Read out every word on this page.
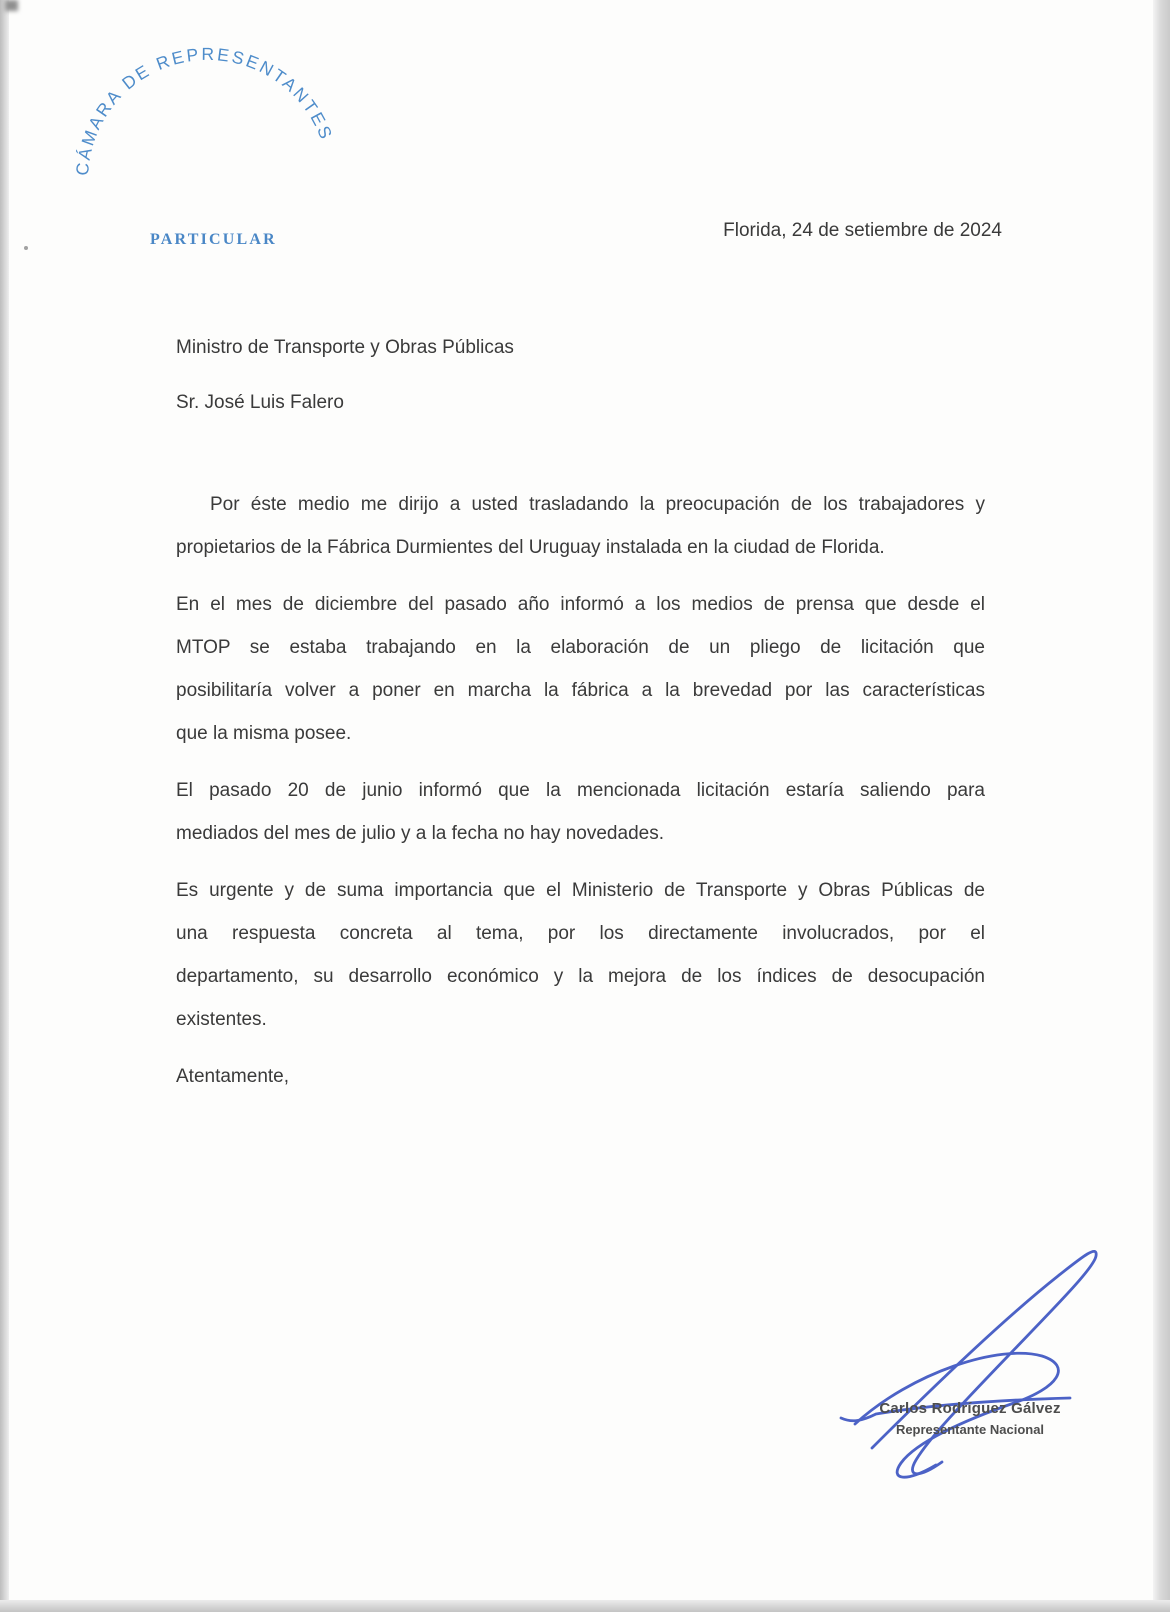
CÁMARA DE REPRESENTANTES
PARTICULAR	Florida, 24 de setiembre de 2024
Ministro de Transporte y Obras Públicas
Sr. José Luis Falero
Por éste medio me dirijo a usted trasladando la preocupación de los trabajadores y
propietarios de la Fábrica Durmientes del Uruguay instalada en la ciudad de Florida.
En el mes de diciembre del pasado año informó a los medios de prensa que desde el
MTOP se estaba trabajando en la elaboración de un pliego de licitación que
posibilitaría volver a poner en marcha la fábrica a la brevedad por las características
que la misma posee.
El pasado 20 de junio informó que la mencionada licitación estaría saliendo para
mediados del mes de julio y a la fecha no hay novedades.
Es urgente y de suma importancia que el Ministerio de Transporte y Obras Públicas de
una respuesta concreta al tema, por los directamente involucrados, por el
departamento, su desarrollo económico y la mejora de los índices de desocupación
existentes.
Atentamente,
Carlos Rodríguez Gálvez
Representante Nacional
